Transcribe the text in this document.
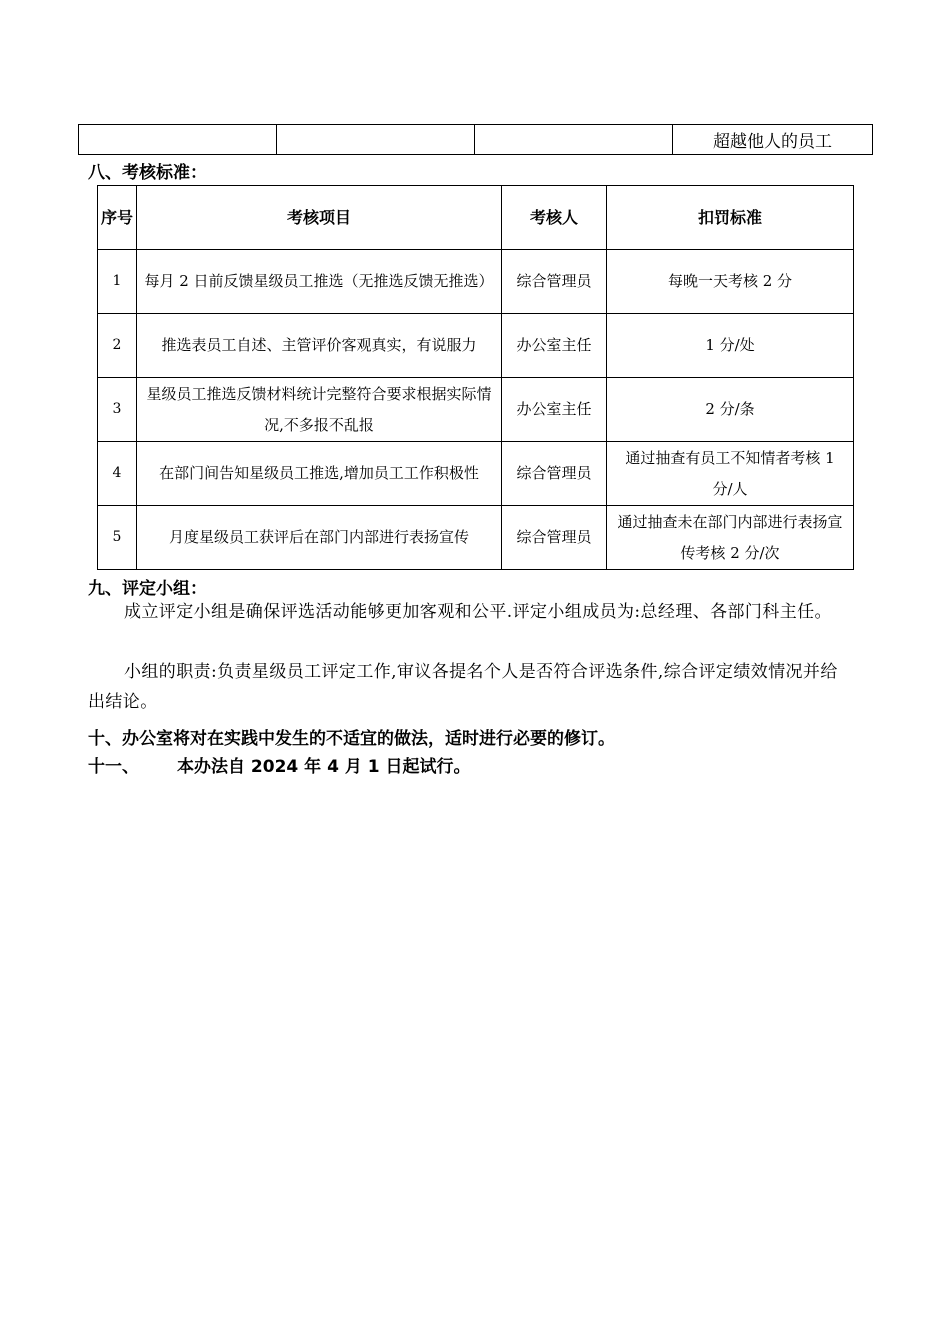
			超越他人的员工
八、考核标准：
序号	考核项目	考核人	扣罚标准
1	每月 2 日前反馈星级员工推选（无推选反馈无推选）	综合管理员	每晚一天考核 2 分
2	推选表员工自述、主管评价客观真实，有说服力	办公室主任	1 分/处
3	星级员工推选反馈材料统计完整符合要求根据实际情况,不多报不乱报	办公室主任	2 分/条
4	在部门间告知星级员工推选,增加员工工作积极性	综合管理员	通过抽查有员工不知情者考核 1 分/人
5	月度星级员工获评后在部门内部进行表扬宣传	综合管理员	通过抽查未在部门内部进行表扬宣传考核 2 分/次
九、评定小组：
成立评定小组是确保评选活动能够更加客观和公平.评定小组成员为:总经理、各部门科主任。
小组的职责:负责星级员工评定工作,审议各提名个人是否符合评选条件,综合评定绩效情况并给出结论。
十、办公室将对在实践中发生的不适宜的做法，适时进行必要的修订。
十一、 本办法自 2024 年 4 月 1 日起试行。
